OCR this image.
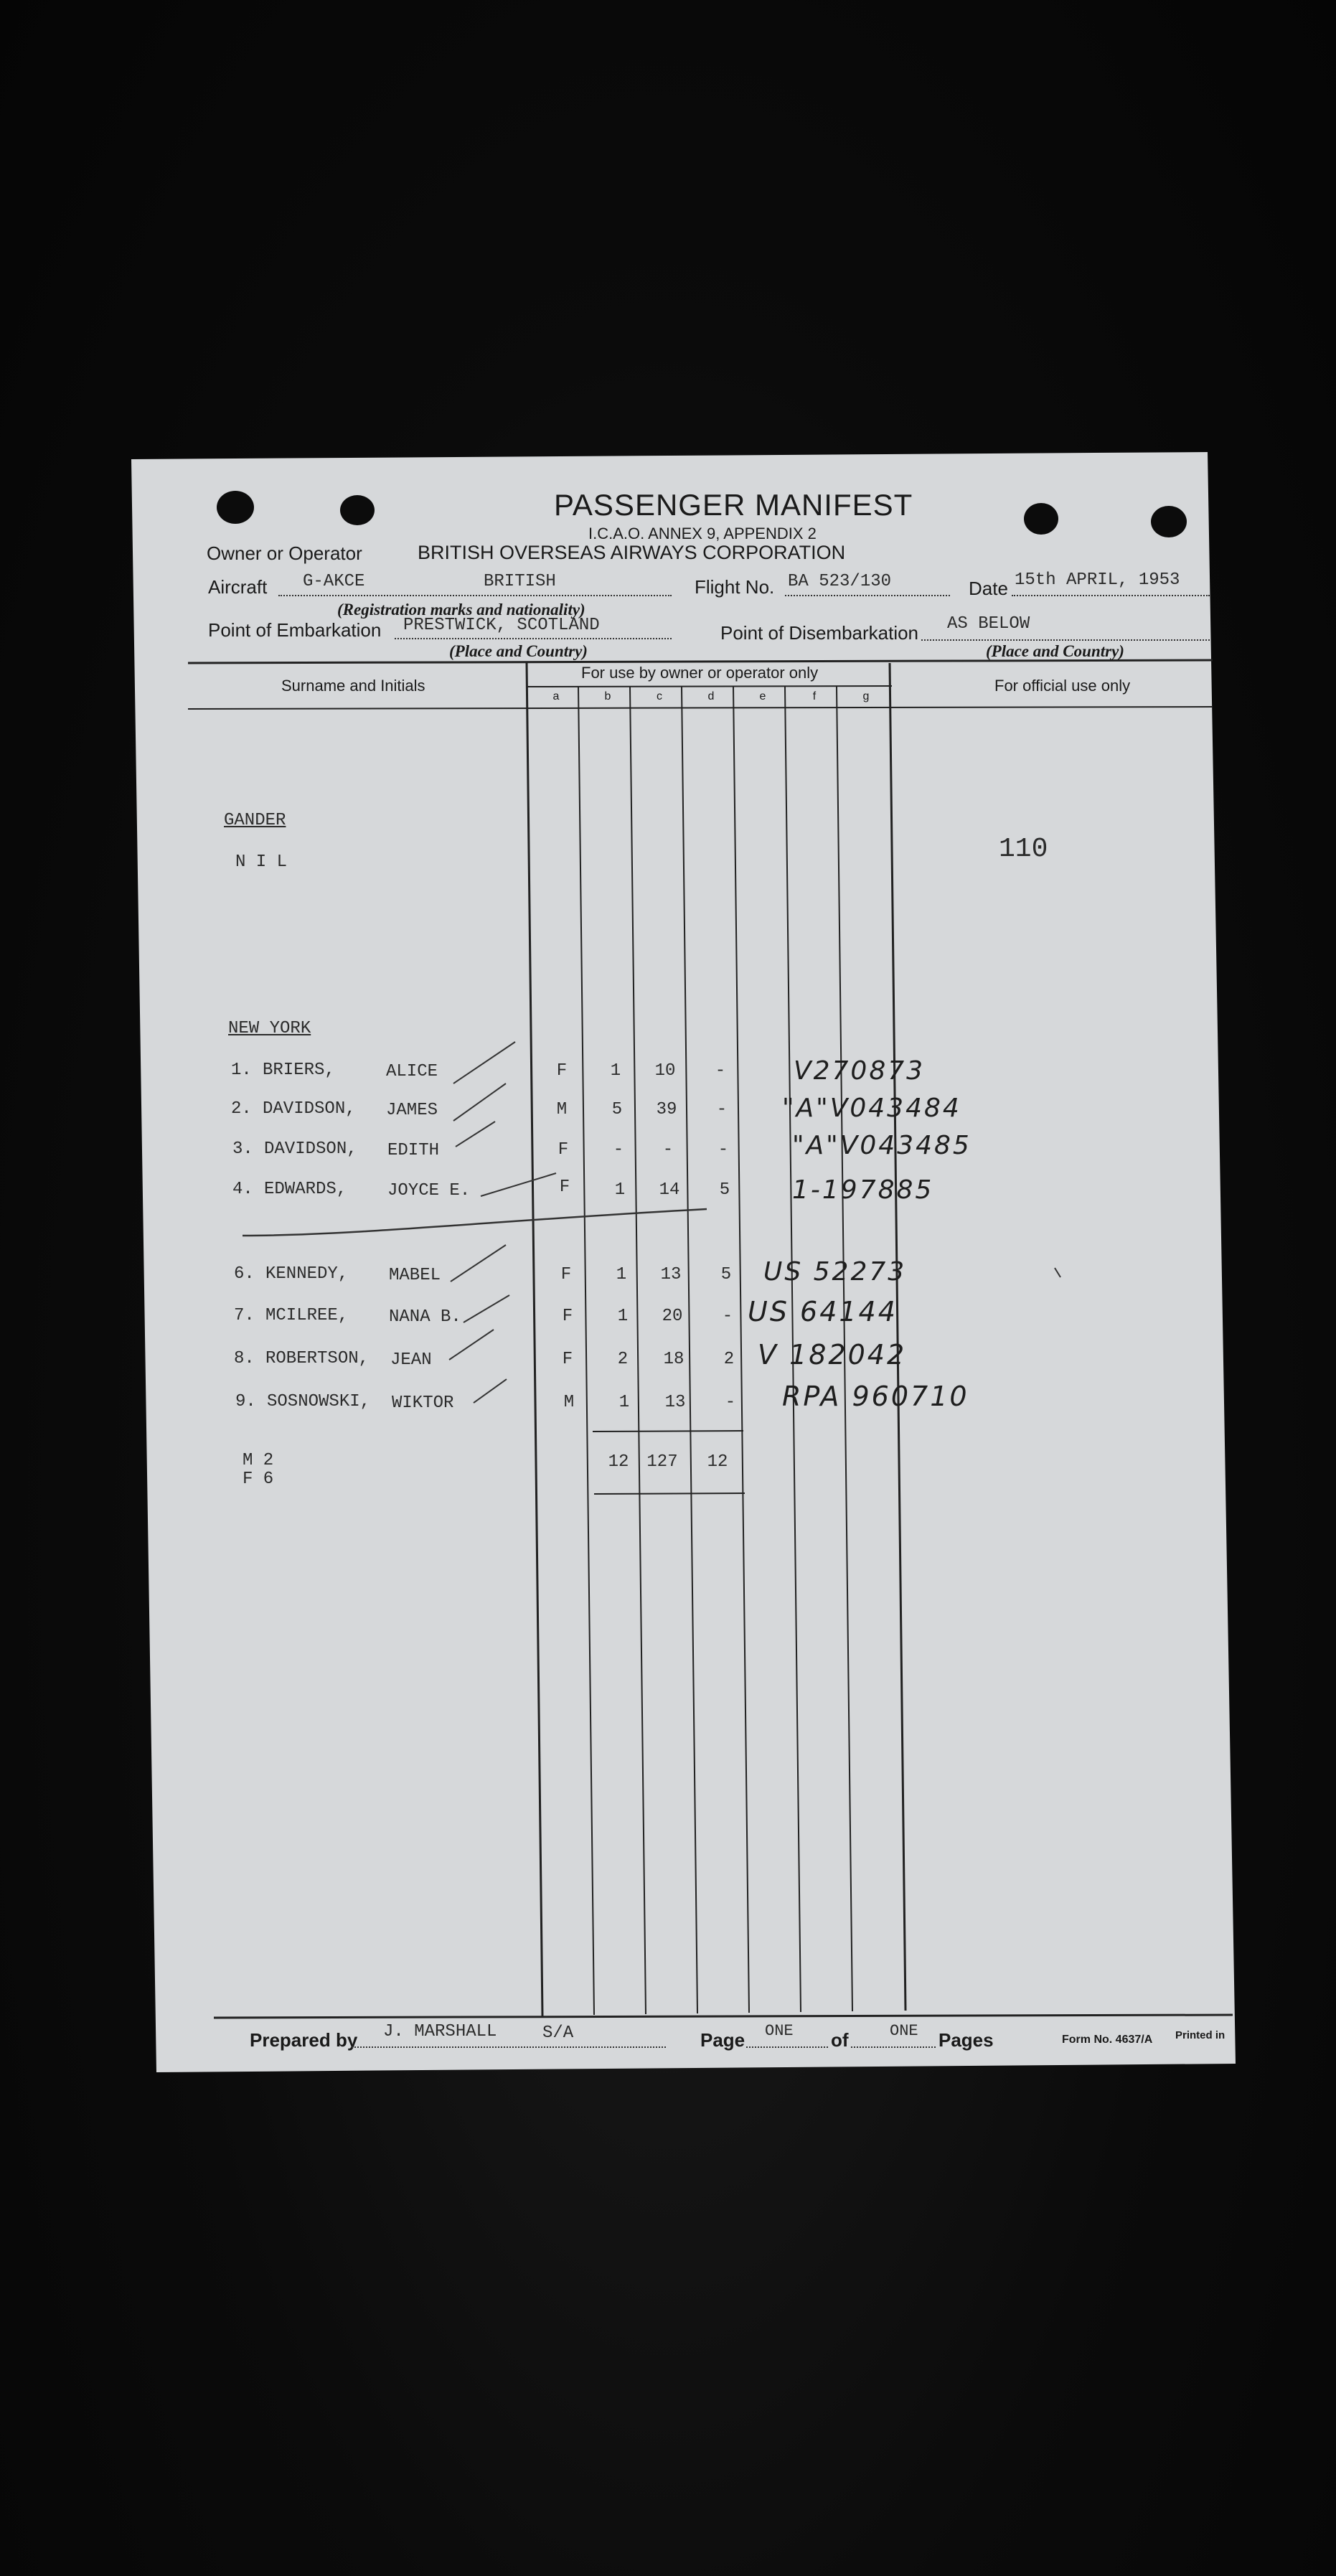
PASSENGER MANIFEST
I.C.A.O. ANNEX 9, APPENDIX 2
Owner or Operator	BRITISH OVERSEAS AIRWAYS CORPORATION
Aircraft G-AKCE	BRITISH	Flight No. BA 523/130	Date 15th APRIL, 1953
(Registration marks and nationality)
Point of Embarkation PRESTWICK, SCOTLAND	Point of Disembarkation AS BELOW
(Place and Country)	(Place and Country)
Surname and Initials
For use by owner or operator only
For official use only
a	b	c	d	e	f	g
GANDER
N I L	110
NEW YORK
1. BRIERS,	ALICE	F	1	10	-	V270873
2. DAVIDSON, JAMES	M	5	39	-	"A"V043484
3. DAVIDSON, EDITH	F	-	-	-	"A"V043485
4. EDWARDS, JOYCE E.	F	1	14	5	1-197885
6. KENNEDY, MABEL	F	1	13	5	US 52273
7. MCILREE, NANA B.	F	1	20	- US 64144
8. ROBERTSON, JEAN	F	2	18	2 V 182042
9. SOSNOWSKI, WIKTOR	M	1	13	-	RPA 960710
M 2
F 6
12	127	12
Prepared by J. MARSHALL	S/A	Page ONE of	ONE Pages	Form No. 4637/A Printed in
